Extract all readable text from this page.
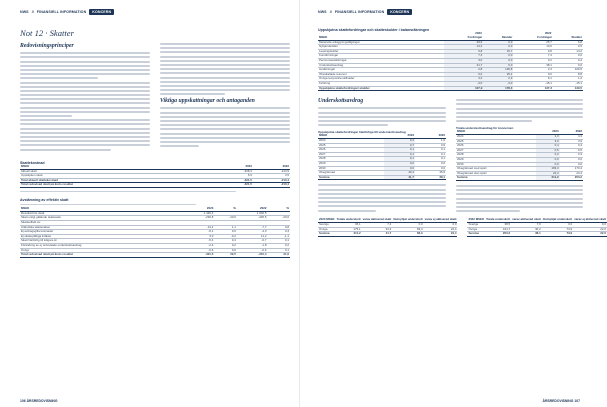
NWS // FINANSIELL INFORMATION	KONCERN	NWS // FINANSIELL INFORMATION	KONCERN
Not 12 · Skatter
Redovisningsprinciper
Viktiga uppskattningar och antaganden
Skattekostnad
MSEK	2023	2022
Aktuell skatt	-328,4	-213,9
Uppskjuten skatt	6,9	3,5
Total aktuell skattekostnad	-321,5	-210,4
Total redovisad skatt på årets resultat	-321,5	-210,4
Avstämning av effektiv skatt
MSEK	2023	%	2022	%
Resultat före skatt	1 426,4		1 002,5	
Skatt enligt gällande skattesats	-293,8	-20,6	-206,5	-20,6
Skatteeffekt av:				
Utländska skattesatser	-14,2	1,1	-7,7	0,8
Ej avdragsgilla kostnader	-8,1	0,6	-4,3	0,4
Ej skattepliktiga intäkter	3,0	-0,2	11,2	-1,1
Skatt hänförlig till tidigare år	-5,4	0,4	-0,7	0,1
Förändring av ej redovisade underskottsavdrag	-2,4	0,2	-1,8	0,2
Övrigt	-0,6	0,0	-0,6	0,1
Total redovisad skatt på årets resultat	-321,5	22,5	-210,4	21,0
Uppskjutna skattefordringar och skatteskulder i balansräkningen
	2023		2022	
MSEK	Fordringar	Skulder	Fordringar	Skulder
Materiella anläggningstillgångar	29,6	0,0	25,7	6,8
Nyttjanderätter	14,2	0,0	13,6	0,5
Leasingskulder	0,8	15,7	0,8	14,2
Kundfordringar	7,4	0,0	7,4	0,0
Pensionsavsättningar	3,0	0,0	3,2	0,4
Underskottsavdrag	41,7	0,0	38,1	0,0
Avsättningar	2,8	126,8	2,3	109,5
Obeskattade reserver	0,0	25,1	0,0	8,8
Övriga temporära skillnader	4,2	2,3	6,1	1,2
Kvittning	-3,0	-3,0	-15,1	-15,1
Uppskjutna skattefordringar/-skulder	127,9	178,3	137,3	139,5
Underskottsavdrag
Uppskjutna skattefordringar hänförliga till underskottsavdrag
MSEK	2023	2022
2024	0,3	1,0
2025	0,7	0,9
2026	0,1	0,1
2027	0,1	0,1
2028	0,1	0,1
2029	0,0	0,0
2030	0,0	0,0
Obegränsad	40,4	35,9
Summa	41,7	38,1
Totala underskottsavdrag för koncernen
MSEK	2023	2022
2024	1,3	4,3
2025	3,0	3,9
2026	0,4	0,4
2027	0,5	0,5
2028	0,3	0,3
2029	0,0	0,0
2030	0,0	0,0
Obegränsad med spärr	183,3	170,4
Obegränsad utan spärr	22,4	23,4
Summa	211,2	203,2
2023 MSEK	Totala underskott	varav aktiverad skatt	Outnyttjat underskott	varav ej aktiverad skatt
Sverige	36,1	7,4	0,0	0,0
Övriga	175,1	34,3	83,3	24,4
Summa	211,2	41,7	83,3	24,4
2022 MSEK	Totala underskott	varav aktiverad skatt	Outnyttjat underskott	varav ej aktiverad skatt
Sverige	38,5	7,9	0,0	0,0
Övriga	164,7	30,2	73,9	22,0
Summa	203,2	38,1	73,9	22,0
106 ÅRSREDOVISNING	ÅRSREDOVISNING 107
